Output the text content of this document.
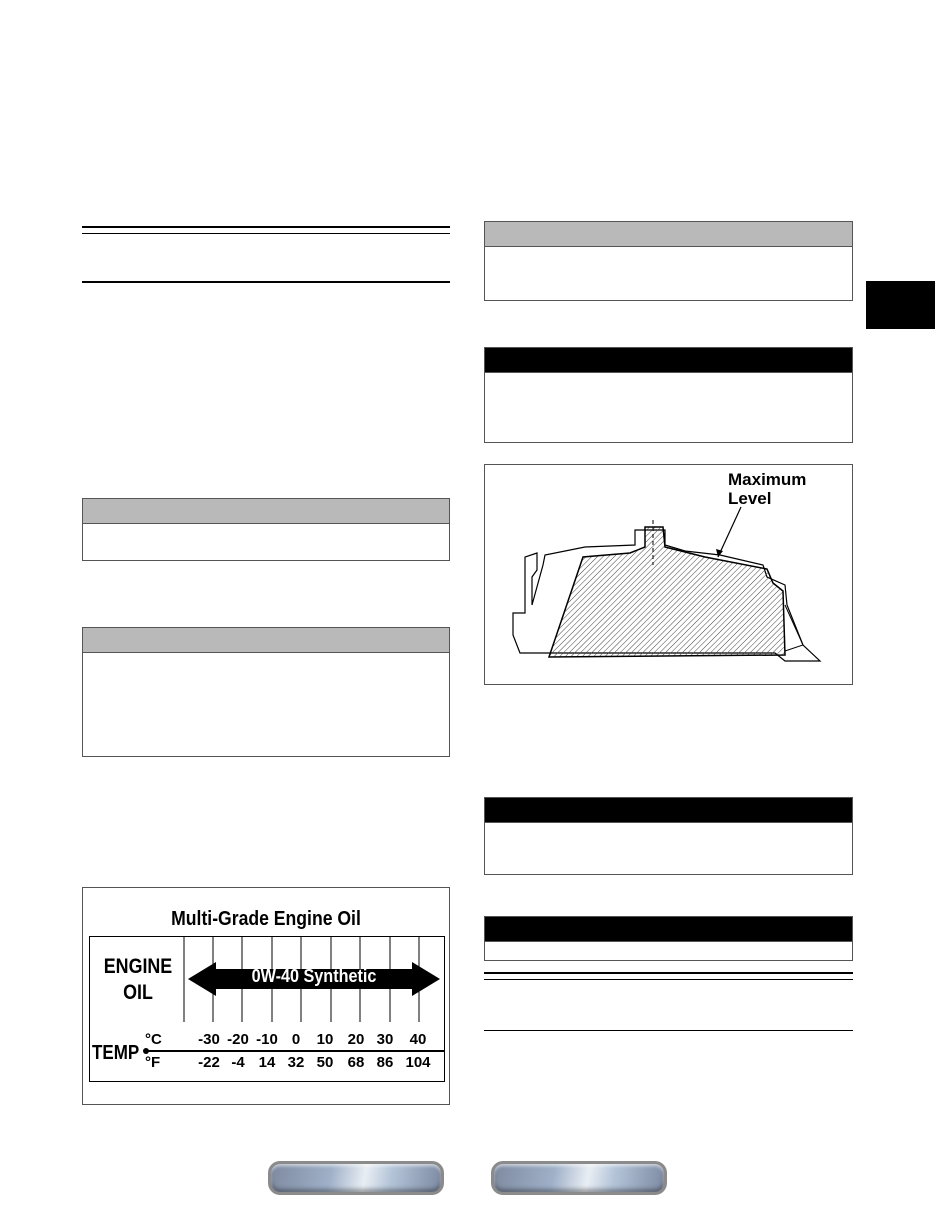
Multi-Grade Engine Oil
0W-40 Synthetic
ENGINE
OIL
TEMP
°C
°F
-30 -20 -10 0	10 20 30	40
-22 -4 14 32 50 68 86 104
Maximum
Level
